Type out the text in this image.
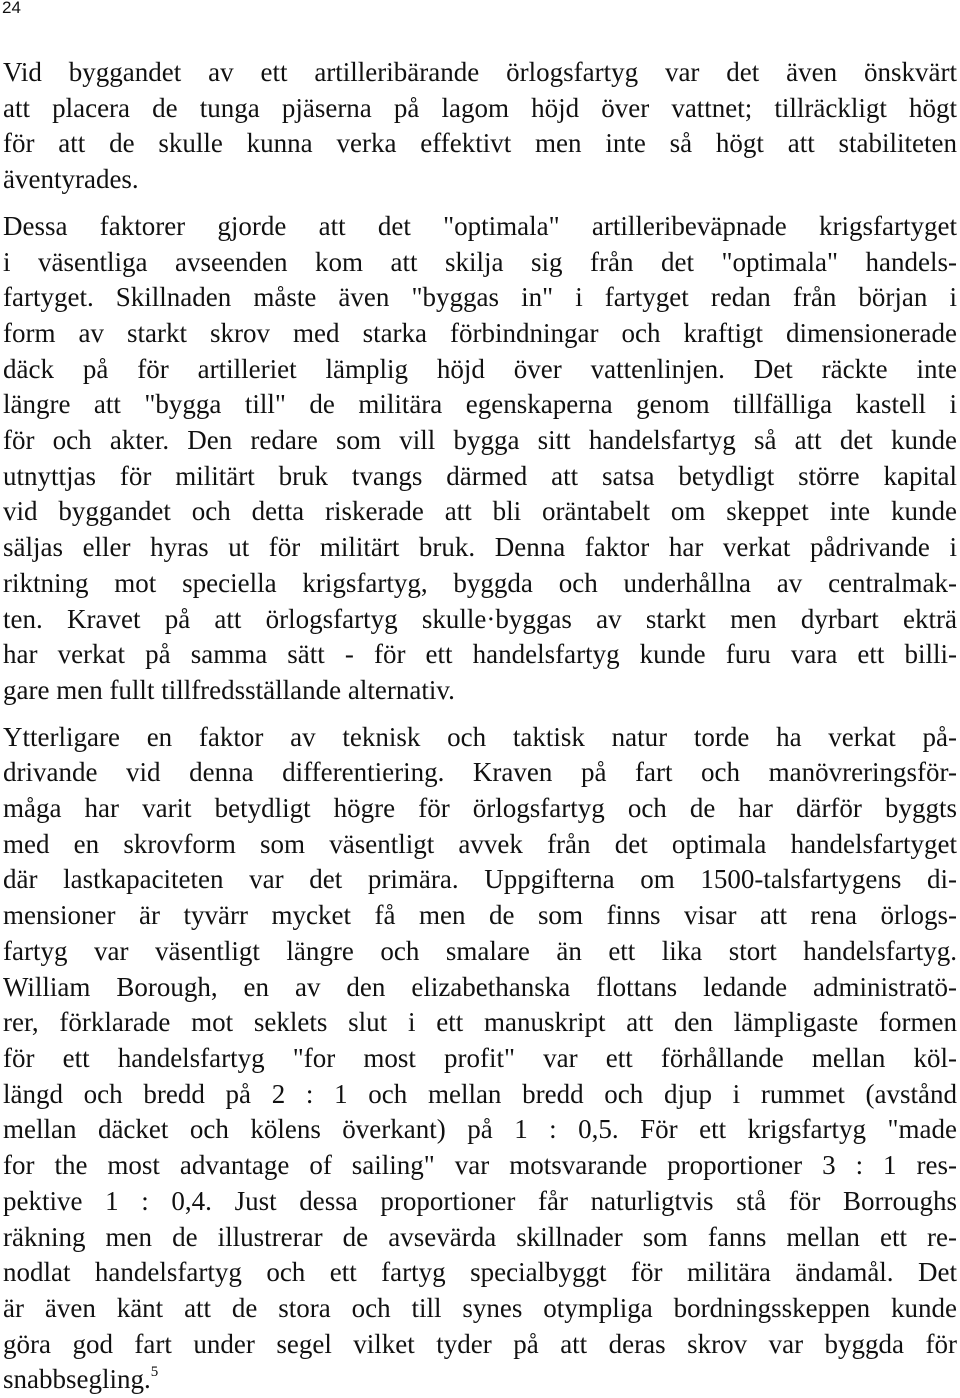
24
Vid byggandet av ett artilleribärande örlogsfartyg var det även önskvärt
att placera de tunga pjäserna på lagom höjd över vattnet; tillräckligt högt
för att de skulle kunna verka effektivt men inte så högt att stabiliteten
äventyrades.
Dessa faktorer gjorde att det "optimala" artilleribeväpnade krigsfartyget
i väsentliga avseenden kom att skilja sig från det "optimala" handels-
fartyget. Skillnaden måste även "byggas in" i fartyget redan från början i
form av starkt skrov med starka förbindningar och kraftigt dimensionerade
däck på för artilleriet lämplig höjd över vattenlinjen. Det räckte inte
längre att "bygga till" de militära egenskaperna genom tillfälliga kastell i
för och akter. Den redare som vill bygga sitt handelsfartyg så att det kunde
utnyttjas för militärt bruk tvangs därmed att satsa betydligt större kapital
vid byggandet och detta riskerade att bli oräntabelt om skeppet inte kunde
säljas eller hyras ut för militärt bruk. Denna faktor har verkat pådrivande i
riktning mot speciella krigsfartyg, byggda och underhållna av centralmak-
ten. Kravet på att örlogsfartyg skulle·byggas av starkt men dyrbart ekträ
har verkat på samma sätt - för ett handelsfartyg kunde furu vara ett billi-
gare men fullt tillfredsställande alternativ.
Ytterligare en faktor av teknisk och taktisk natur torde ha verkat på-
drivande vid denna differentiering. Kraven på fart och manövreringsför-
måga har varit betydligt högre för örlogsfartyg och de har därför byggts
med en skrovform som väsentligt avvek från det optimala handelsfartyget
där lastkapaciteten var det primära. Uppgifterna om 1500-talsfartygens di-
mensioner är tyvärr mycket få men de som finns visar att rena örlogs-
fartyg var väsentligt längre och smalare än ett lika stort handelsfartyg.
William Borough, en av den elizabethanska flottans ledande administratö-
rer, förklarade mot seklets slut i ett manuskript att den lämpligaste formen
för ett handelsfartyg "for most profit" var ett förhållande mellan köl-
längd och bredd på 2 : 1 och mellan bredd och djup i rummet (avstånd
mellan däcket och kölens överkant) på 1 : 0,5. För ett krigsfartyg "made
for the most advantage of sailing" var motsvarande proportioner 3 : 1 res-
pektive 1 : 0,4. Just dessa proportioner får naturligtvis stå för Borroughs
räkning men de illustrerar de avsevärda skillnader som fanns mellan ett re-
nodlat handelsfartyg och ett fartyg specialbyggt för militära ändamål. Det
är även känt att de stora och till synes otympliga bordningsskeppen kunde
göra god fart under segel vilket tyder på att deras skrov var byggda för
snabbsegling.$^5$
